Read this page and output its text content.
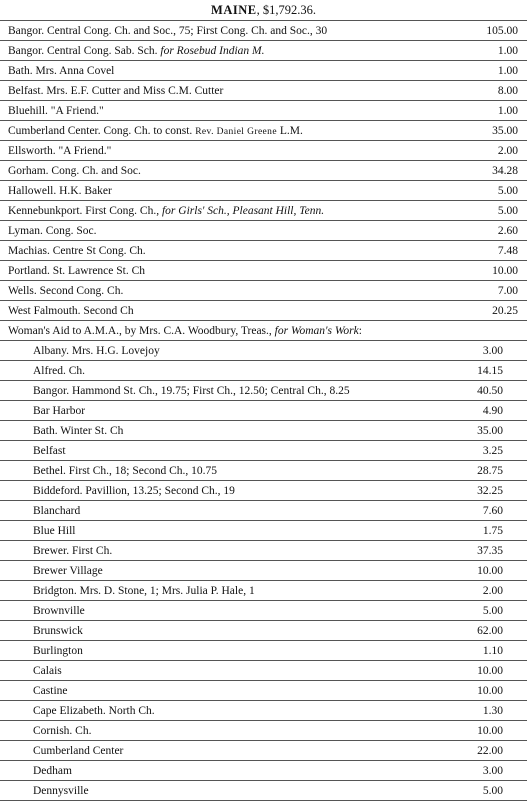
MAINE, $1,792.36.
Bangor. Central Cong. Ch. and Soc., 75; First Cong. Ch. and Soc., 30	105.00
Bangor. Central Cong. Sab. Sch. for Rosebud Indian M.	1.00
Bath. Mrs. Anna Covel	1.00
Belfast. Mrs. E.F. Cutter and Miss C.M. Cutter	8.00
Bluehill. "A Friend."	1.00
Cumberland Center. Cong. Ch. to const. Rev. Daniel Greene L.M.	35.00
Ellsworth. "A Friend."	2.00
Gorham. Cong. Ch. and Soc.	34.28
Hallowell. H.K. Baker	5.00
Kennebunkport. First Cong. Ch., for Girls' Sch., Pleasant Hill, Tenn.	5.00
Lyman. Cong. Soc.	2.60
Machias. Centre St Cong. Ch.	7.48
Portland. St. Lawrence St. Ch	10.00
Wells. Second Cong. Ch.	7.00
West Falmouth. Second Ch	20.25
Woman's Aid to A.M.A., by Mrs. C.A. Woodbury, Treas., for Woman's Work:	
Albany. Mrs. H.G. Lovejoy	3.00
Alfred. Ch.	14.15
Bangor. Hammond St. Ch., 19.75; First Ch., 12.50; Central Ch., 8.25	40.50
Bar Harbor	4.90
Bath. Winter St. Ch	35.00
Belfast	3.25
Bethel. First Ch., 18; Second Ch., 10.75	28.75
Biddeford. Pavillion, 13.25; Second Ch., 19	32.25
Blanchard	7.60
Blue Hill	1.75
Brewer. First Ch.	37.35
Brewer Village	10.00
Bridgton. Mrs. D. Stone, 1; Mrs. Julia P. Hale, 1	2.00
Brownville	5.00
Brunswick	62.00
Burlington	1.10
Calais	10.00
Castine	10.00
Cape Elizabeth. North Ch.	1.30
Cornish. Ch.	10.00
Cumberland Center	22.00
Dedham	3.00
Dennysville	5.00
